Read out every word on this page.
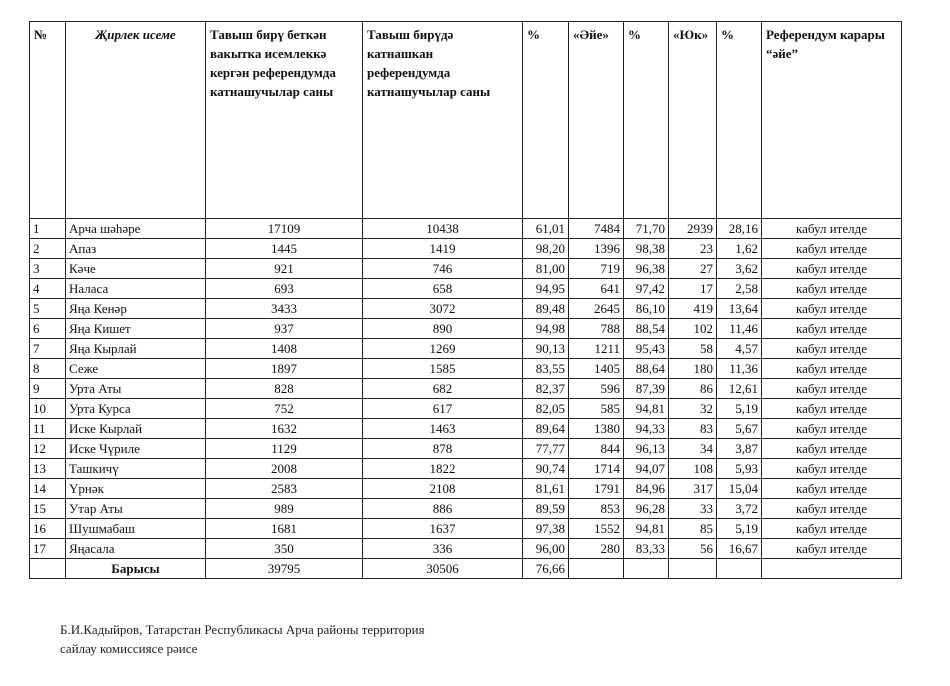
№	Җирлек исеме	Тавыш бирү беткән вакытка исемлеккә кергән референдумда катнашучылар саны	Тавыш бирүдә катнашкан референдумда катнашучылар саны	%	«Әйе»	%	«Юк»	%	Референдум карары “әйе”
1	Арча шәһәре	17109	10438	61,01	7484	71,70	2939	28,16	кабул ителде
2	Апаз	1445	1419	98,20	1396	98,38	23	1,62	кабул ителде
3	Кәче	921	746	81,00	719	96,38	27	3,62	кабул ителде
4	Наласа	693	658	94,95	641	97,42	17	2,58	кабул ителде
5	Яңа Кенәр	3433	3072	89,48	2645	86,10	419	13,64	кабул ителде
6	Яңа Кишет	937	890	94,98	788	88,54	102	11,46	кабул ителде
7	Яңа Кырлай	1408	1269	90,13	1211	95,43	58	4,57	кабул ителде
8	Сеже	1897	1585	83,55	1405	88,64	180	11,36	кабул ителде
9	Урта Аты	828	682	82,37	596	87,39	86	12,61	кабул ителде
10	Урта Курса	752	617	82,05	585	94,81	32	5,19	кабул ителде
11	Иске Кырлай	1632	1463	89,64	1380	94,33	83	5,67	кабул ителде
12	Иске Чүриле	1129	878	77,77	844	96,13	34	3,87	кабул ителде
13	Ташкичү	2008	1822	90,74	1714	94,07	108	5,93	кабул ителде
14	Үрнәк	2583	2108	81,61	1791	84,96	317	15,04	кабул ителде
15	Утар Аты	989	886	89,59	853	96,28	33	3,72	кабул ителде
16	Шушмабаш	1681	1637	97,38	1552	94,81	85	5,19	кабул ителде
17	Яңасала	350	336	96,00	280	83,33	56	16,67	кабул ителде
	Барысы	39795	30506	76,66					
Б.И.Кадыйров, Татарстан Республикасы Арча районы территория
сайлау комиссиясе рәисе
